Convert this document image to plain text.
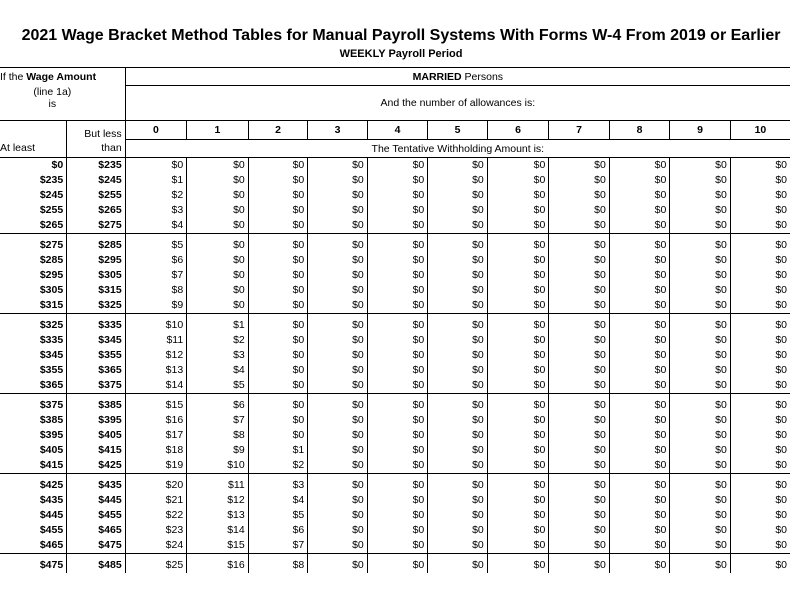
2021 Wage Bracket Method Tables for Manual Payroll Systems With Forms W-4 From 2019 or Earlier
WEEKLY Payroll Period
If the Wage Amount		MARRIED Persons										

(line 1a)
is		And the number of allowances is:										
	But less	0	1	2	3	4	5	6	7	8	9	10
At least	than	The Tentative Withholding Amount is:										
$0	$235	$0	$0	$0	$0	$0	$0	$0	$0	$0	$0	$0
$235	$245	$1	$0	$0	$0	$0	$0	$0	$0	$0	$0	$0
$245	$255	$2	$0	$0	$0	$0	$0	$0	$0	$0	$0	$0
$255	$265	$3	$0	$0	$0	$0	$0	$0	$0	$0	$0	$0
$265	$275	$4	$0	$0	$0	$0	$0	$0	$0	$0	$0	$0

$275	$285	$5	$0	$0	$0	$0	$0	$0	$0	$0	$0	$0
$285	$295	$6	$0	$0	$0	$0	$0	$0	$0	$0	$0	$0
$295	$305	$7	$0	$0	$0	$0	$0	$0	$0	$0	$0	$0
$305	$315	$8	$0	$0	$0	$0	$0	$0	$0	$0	$0	$0
$315	$325	$9	$0	$0	$0	$0	$0	$0	$0	$0	$0	$0

$325	$335	$10	$1	$0	$0	$0	$0	$0	$0	$0	$0	$0
$335	$345	$11	$2	$0	$0	$0	$0	$0	$0	$0	$0	$0
$345	$355	$12	$3	$0	$0	$0	$0	$0	$0	$0	$0	$0
$355	$365	$13	$4	$0	$0	$0	$0	$0	$0	$0	$0	$0
$365	$375	$14	$5	$0	$0	$0	$0	$0	$0	$0	$0	$0

$375	$385	$15	$6	$0	$0	$0	$0	$0	$0	$0	$0	$0
$385	$395	$16	$7	$0	$0	$0	$0	$0	$0	$0	$0	$0
$395	$405	$17	$8	$0	$0	$0	$0	$0	$0	$0	$0	$0
$405	$415	$18	$9	$1	$0	$0	$0	$0	$0	$0	$0	$0
$415	$425	$19	$10	$2	$0	$0	$0	$0	$0	$0	$0	$0

$425	$435	$20	$11	$3	$0	$0	$0	$0	$0	$0	$0	$0
$435	$445	$21	$12	$4	$0	$0	$0	$0	$0	$0	$0	$0
$445	$455	$22	$13	$5	$0	$0	$0	$0	$0	$0	$0	$0
$455	$465	$23	$14	$6	$0	$0	$0	$0	$0	$0	$0	$0
$465	$475	$24	$15	$7	$0	$0	$0	$0	$0	$0	$0	$0

$475	$485	$25	$16	$8	$0	$0	$0	$0	$0	$0	$0	$0
